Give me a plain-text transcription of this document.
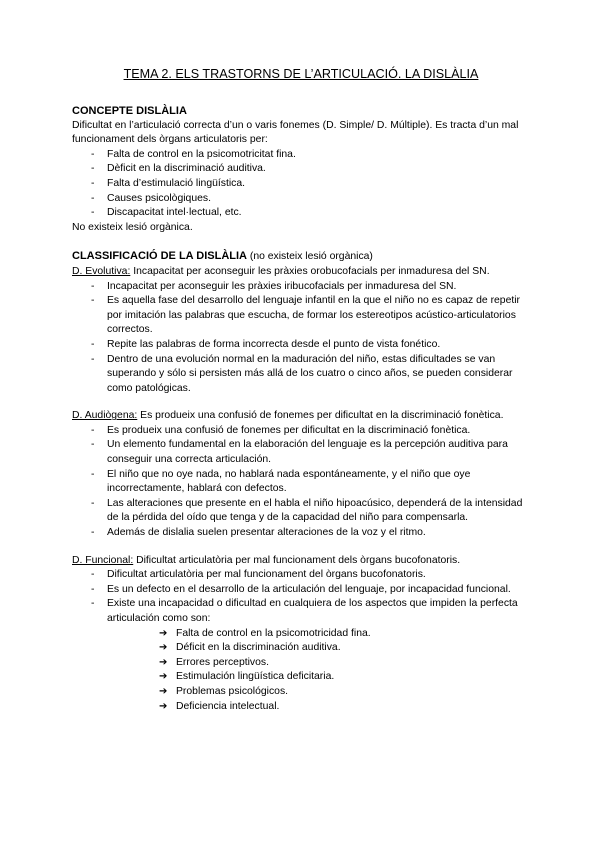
TEMA 2. ELS TRASTORNS DE L’ARTICULACIÓ. LA DISLÀLIA

CONCEPTE DISLÀLIA

Dificultat en l’articulació correcta d’un o varis fonemes (D. Simple/ D. Múltiple). Es tracta d’un mal funcionament dels òrgans articulatoris per:

- Falta de control en la psicomotricitat fina.
- Dèficit en la discriminació auditiva.
- Falta d’estimulació lingüística.
- Causes psicològiques.
- Discapacitat intel·lectual, etc.

No existeix lesió orgànica.

CLASSIFICACIÓ DE LA DISLÀLIA (no existeix lesió orgànica)

D. Evolutiva: Incapacitat per aconseguir les pràxies orobucofacials per inmaduresa del SN.

- Incapacitat per aconseguir les pràxies iribucofacials per inmaduresa del SN.
- Es aquella fase del desarrollo del lenguaje infantil en la que el niño no es capaz de repetir por imitación las palabras que escucha, de formar los estereotipos acústico-articulatorios correctos.
- Repite las palabras de forma incorrecta desde el punto de vista fonético.
- Dentro de una evolución normal en la maduración del niño, estas dificultades se van superando y sólo si persisten más allá de los cuatro o cinco años, se pueden considerar como patológicas.

D. Audiògena: Es produeix una confusió de fonemes per dificultat en la discriminació fonètica.

- Es produeix una confusió de fonemes per dificultat en la discriminació fonètica.
- Un elemento fundamental en la elaboración del lenguaje es la percepción auditiva para conseguir una correcta articulación.
- El niño que no oye nada, no hablará nada espontáneamente, y el niño que oye incorrectamente, hablará con defectos.
- Las alteraciones que presente en el habla el niño hipoacúsico, dependerá de la intensidad de la pérdida del oído que tenga y de la capacidad del niño para compensarla.
- Además de dislalia suelen presentar alteraciones de la voz y el ritmo.

D. Funcional: Dificultat articulatòria per mal funcionament dels òrgans bucofonatoris.

- Dificultat articulatòria per mal funcionament del òrgans bucofonatoris.
- Es un defecto en el desarrollo de la articulación del lenguaje, por incapacidad funcional.
- Existe una incapacidad o dificultad en cualquiera de los aspectos que impiden la perfecta articulación como son:
➔ Falta de control en la psicomotricidad fina.
➔ Déficit en la discriminación auditiva.
➔ Errores perceptivos.
➔ Estimulación lingüística deficitaria.
➔ Problemas psicológicos.
➔ Deficiencia intelectual.
